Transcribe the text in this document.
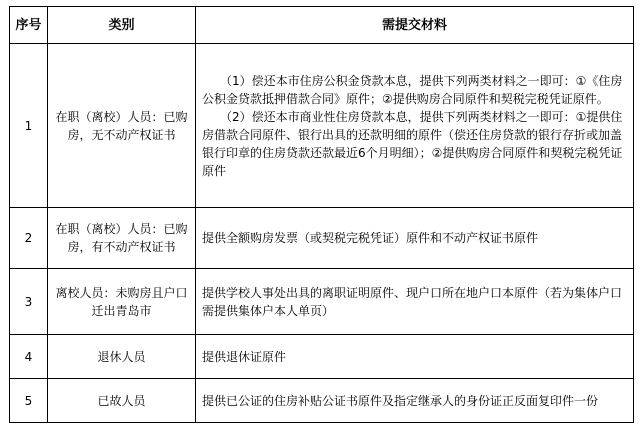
序号	类别	需提交材料
1	在职（离校）人员：已购房，无不动产权证书	（1）偿还本市住房公积金贷款本息，提供下列两类材料之一即可：①《住房公积金贷款抵押借款合同》原件；②提供购房合同原件和契税完税凭证原件。

（2）偿还本市商业性住房贷款本息，提供下列两类材料之一即可：①提供住房借款合同原件、银行出具的还款明细的原件（偿还住房贷款的银行存折或加盖银行印章的住房贷款还款最近6个月明细）；②提供购房合同原件和契税完税凭证原件

2	在职（离校）人员：已购房，有不动产权证书	提供全额购房发票（或契税完税凭证）原件和不动产权证书原件

3	离校人员：未购房且户口迁出青岛市	提供学校人事处出具的离职证明原件、现户口所在地户口本原件（若为集体户口需提供集体户本人单页）

4	退休人员	提供退休证原件

5	已故人员	提供已公证的住房补贴公证书原件及指定继承人的身份证正反面复印件一份
